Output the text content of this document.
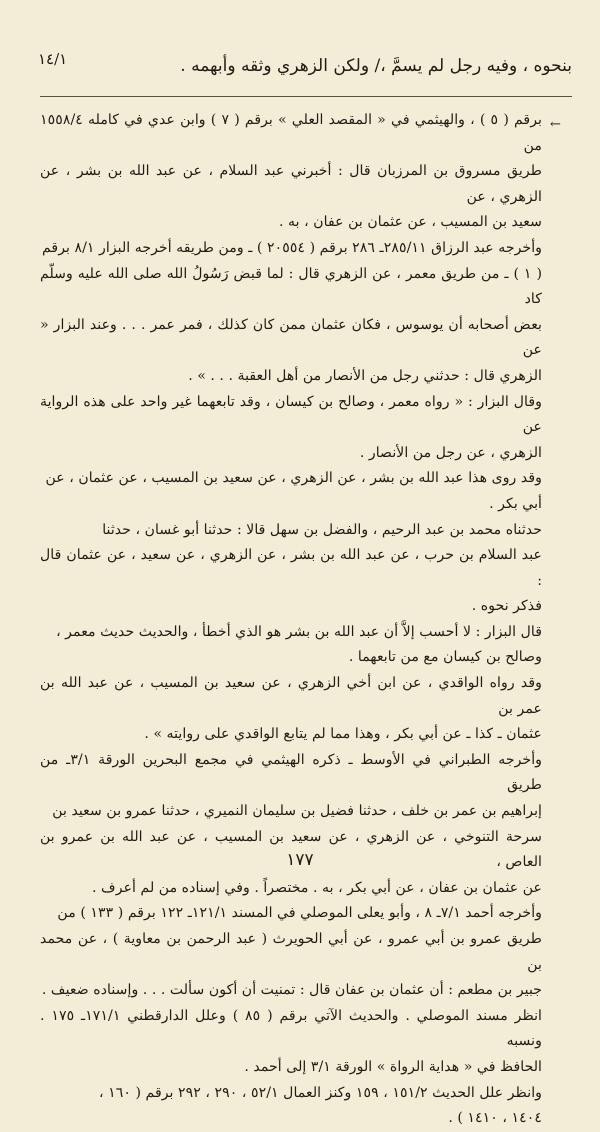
بنحوه ، وفيه رجل لم يسمَّ ،/ ولكن الزهري وثقه وأبهمه .
١٤/١
←

برقم ( ٥ ) ، والهيثمي في « المقصد العلي » برقم ( ٧ ) وابن عدي في كامله ١٥٥٨/٤ من

طريق مسروق بن المرزبان قال : أخبرني عبد السلام ، عن عبد الله بن بشر ، عن الزهري ، عن

سعيد بن المسيب ، عن عثمان بن عفان ، به .

وأخرجه عبد الرزاق ٢٨٥/١١ـ ٢٨٦ برقم ( ٢٠٥٥٤ ) ـ ومن طريقه أخرجه البزار ٨/١ برقم

( ١ ) ـ من طريق معمر ، عن الزهري قال : لما قبض رَسُولُ الله صلى الله عليه وسلّم كاد

بعض أصحابه أن يوسوس ، فكان عثمان ممن كان كذلك ، فمر عمر . . . وعند البزار « عن

الزهري قال : حدثني رجل من الأنصار من أهل العقبة . . . » .

وقال البزار : « رواه معمر ، وصالح بن كيسان ، وقد تابعهما غير واحد على هذه الرواية عن

الزهري ، عن رجل من الأنصار .

وقد روى هذا عبد الله بن بشر ، عن الزهري ، عن سعيد بن المسيب ، عن عثمان ، عن

أبي بكر .

حدثناه محمد بن عبد الرحيم ، والفضل بن سهل قالا : حدثنا أبو غسان ، حدثنا

عبد السلام بن حرب ، عن عبد الله بن بشر ، عن الزهري ، عن سعيد ، عن عثمان قال :

فذكر نحوه .

قال البزار : لا أحسب إلاَّ أن عبد الله بن بشر هو الذي أخطأ ، والحديث حديث معمر ،

وصالح بن كيسان مع من تابعهما .

وقد رواه الواقدي ، عن ابن أخي الزهري ، عن سعيد بن المسيب ، عن عبد الله بن عمر بن

عثمان ـ كذا ـ عن أبي بكر ، وهذا مما لم يتابع الواقدي على روايته » .

وأخرجه الطبراني في الأوسط ـ ذكره الهيثمي في مجمع البحرين الورقة ٣/١ـ من طريق

إبراهيم بن عمر بن خلف ، حدثنا فضيل بن سليمان النميري ، حدثنا عمرو بن سعيد بن

سرحة التنوخي ، عن الزهري ، عن سعيد بن المسيب ، عن عبد الله بن عمرو بن العاص ،

عن عثمان بن عفان ، عن أبي بكر ، به . مختصراً . وفي إسناده من لم أعرف .

وأخرجه أحمد ٧/١ـ ٨ ، وأبو يعلى الموصلي في المسند ١٢١/١ـ ١٢٢ برقم ( ١٣٣ ) من

طريق عمرو بن أبي عمرو ، عن أبي الحويرث ( عبد الرحمن بن معاوية ) ، عن محمد بن

جبير بن مطعم : أن عثمان بن عفان قال : تمنيت أن أكون سألت . . . وإسناده ضعيف .

انظر مسند الموصلي . والحديث الآتي برقم ( ٨٥ ) وعلل الدارقطني ١٧١/١ـ ١٧٥ . ونسبه

الحافظ في « هداية الرواة » الورقة ٣/١ إلى أحمد .

وانظر علل الحديث ١٥١/٢ ، ١٥٩ وكنز العمال ٥٢/١ ، ٢٩٠ ، ٢٩٢ برقم ( ١٦٠ ،

١٤٠٤ ، ١٤١٠ ) .

١٧٧
